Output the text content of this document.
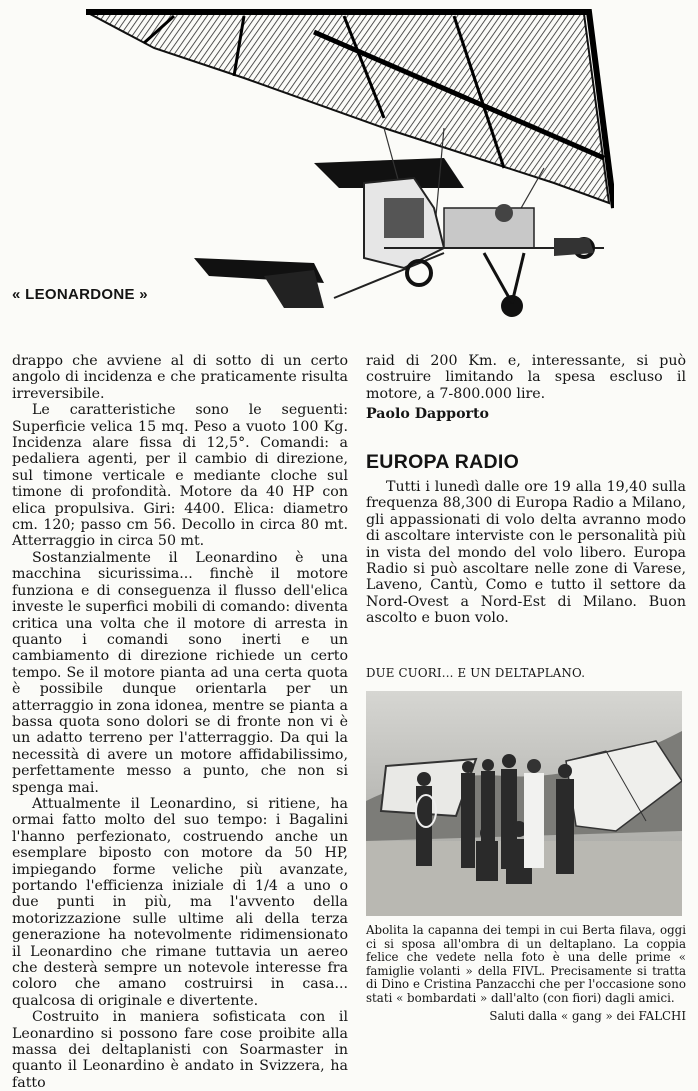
« LEONARDONE »

drappo che avviene al di sotto di un certo angolo di incidenza e che praticamente risulta irreversibile.

Le caratteristiche sono le seguenti: Superficie velica 15 mq. Peso a vuoto 100 Kg. Incidenza alare fissa di 12,5°. Comandi: a pedaliera agenti, per il cambio di direzione, sul timone verticale e mediante cloche sul timone di profondità. Motore da 40 HP con elica propulsiva. Giri: 4400. Elica: diametro cm. 120; passo cm 56. Decollo in circa 80 mt. Atterraggio in circa 50 mt.

Sostanzialmente il Leonardino è una macchina sicurissima... finchè il motore funziona e di conseguenza il flusso dell'elica investe le superfici mobili di comando: diventa critica una volta che il motore di arresta in quanto i comandi sono inerti e un cambiamento di direzione richiede un certo tempo. Se il motore pianta ad una certa quota è possibile dunque orientarla per un atterraggio in zona idonea, mentre se pianta a bassa quota sono dolori se di fronte non vi è un adatto terreno per l'atterraggio. Da qui la necessità di avere un motore affidabilissimo, perfettamente messo a punto, che non si spenga mai.

Attualmente il Leonardino, si ritiene, ha ormai fatto molto del suo tempo: i Bagalini l'hanno perfezionato, costruendo anche un esemplare biposto con motore da 50 HP, impiegando forme veliche più avanzate, portando l'efficienza iniziale di 1/4 a uno o due punti in più, ma l'avvento della motorizzazione sulle ultime ali della terza generazione ha notevolmente ridimensionato il Leonardino che rimane tuttavia un aereo che desterà sempre un notevole interesse fra coloro che amano costruirsi in casa... qualcosa di originale e divertente.

Costruito in maniera sofisticata con il Leonardino si possono fare cose proibite alla massa dei deltaplanisti con Soarmaster in quanto il Leonardino è andato in Svizzera, ha fatto

raid di 200 Km. e, interessante, si può costruire limitando la spesa escluso il motore, a 7-800.000 lire.

Paolo Dapporto

EUROPA RADIO

Tutti i lunedì dalle ore 19 alla 19,40 sulla frequenza 88,300 di Europa Radio a Milano, gli appassionati di volo delta avranno modo di ascoltare interviste con le personalità più in vista del mondo del volo libero. Europa Radio si può ascoltare nelle zone di Varese, Laveno, Cantù, Como e tutto il settore da Nord-Ovest a Nord-Est di Milano. Buon ascolto e buon volo.

DUE CUORI... E UN DELTAPLANO.

Abolita la capanna dei tempi in cui Berta filava, oggi ci si sposa all'ombra di un deltaplano. La coppia felice che vedete nella foto è una delle prime « famiglie volanti » della FIVL. Precisamente si tratta di Dino e Cristina Panzacchi che per l'occasione sono stati « bombardati » dall'alto (con fiori) dagli amici.

Saluti dalla « gang » dei FALCHI
